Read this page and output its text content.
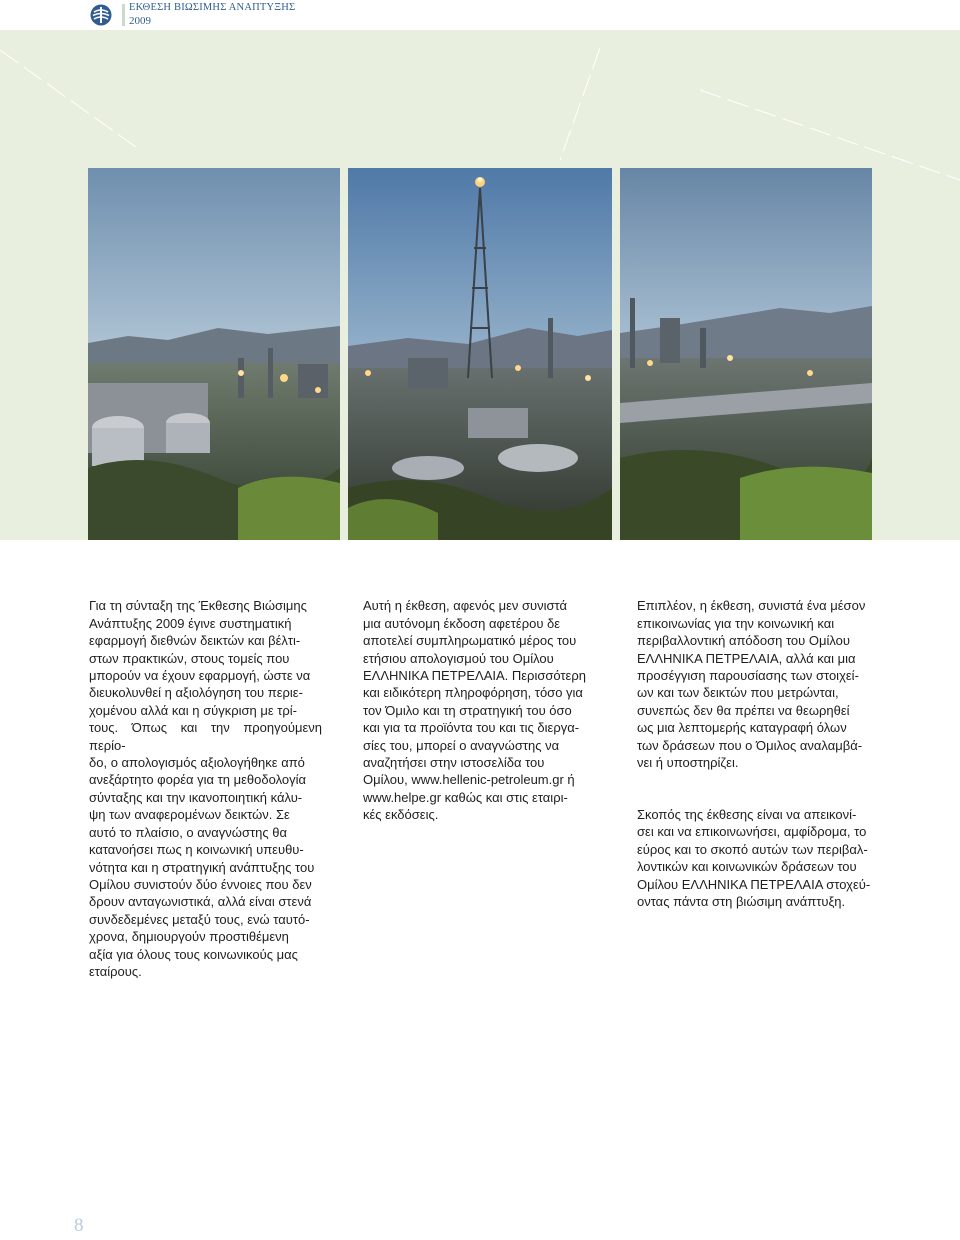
ΕΚΘΕΣΗ ΒΙΩΣΙΜΗΣ ΑΝΑΠΤΥΞΗΣ
2009

Για τη σύνταξη της Έκθεσης Βιώσιμης
Ανάπτυξης 2009 έγινε συστηματική
εφαρμογή διεθνών δεικτών και βέλτι-
στων πρακτικών, στους τομείς που
μπορούν να έχουν εφαρμογή, ώστε να
διευκολυνθεί η αξιολόγηση του περιε-
χομένου αλλά και η σύγκριση με τρί-
τους. Όπως και την προηγούμενη περίο-
δο, ο απολογισμός αξιολογήθηκε από
ανεξάρτητο φορέα για τη μεθοδολογία
σύνταξης και την ικανοποιητική κάλυ-
ψη των αναφερομένων δεικτών. Σε
αυτό το πλαίσιο, ο αναγνώστης θα
κατανοήσει πως η κοινωνική υπευθυ-
νότητα και η στρατηγική ανάπτυξης του
Ομίλου συνιστούν δύο έννοιες που δεν
δρουν ανταγωνιστικά, αλλά είναι στενά
συνδεδεμένες μεταξύ τους, ενώ ταυτό-
χρονα, δημιουργούν προστιθέμενη
αξία για όλους τους κοινωνικούς μας
εταίρους.

Αυτή η έκθεση, αφενός μεν συνιστά
μια αυτόνομη έκδοση αφετέρου δε
αποτελεί συμπληρωματικό μέρος του
ετήσιου απολογισμού του Ομίλου
ΕΛΛΗΝΙΚΑ ΠΕΤΡΕΛΑΙΑ. Περισσότερη
και ειδικότερη πληροφόρηση, τόσο για
τον Όμιλο και τη στρατηγική του όσο
και για τα προϊόντα του και τις διεργα-
σίες του, μπορεί ο αναγνώστης να
αναζητήσει στην ιστοσελίδα του
Ομίλου, www.hellenic-petroleum.gr ή
www.helpe.gr καθώς και στις εταιρι-
κές εκδόσεις.

Επιπλέον, η έκθεση, συνιστά ένα μέσον
επικοινωνίας για την κοινωνική και
περιβαλλοντική απόδοση του Ομίλου
ΕΛΛΗΝΙΚΑ ΠΕΤΡΕΛΑΙΑ, αλλά και μια
προσέγγιση παρουσίασης των στοιχεί-
ων και των δεικτών που μετρώνται,
συνεπώς δεν θα πρέπει να θεωρηθεί
ως μια λεπτομερής καταγραφή όλων
των δράσεων που ο Όμιλος αναλαμβά-
νει ή υποστηρίζει.

Σκοπός της έκθεσης είναι να απεικονί-
σει και να επικοινωνήσει, αμφίδρομα, το
εύρος και το σκοπό αυτών των περιβαλ-
λοντικών και κοινωνικών δράσεων του
Ομίλου ΕΛΛΗΝΙΚΑ ΠΕΤΡΕΛΑΙΑ στοχεύ-
οντας πάντα στη βιώσιμη ανάπτυξη.

8
